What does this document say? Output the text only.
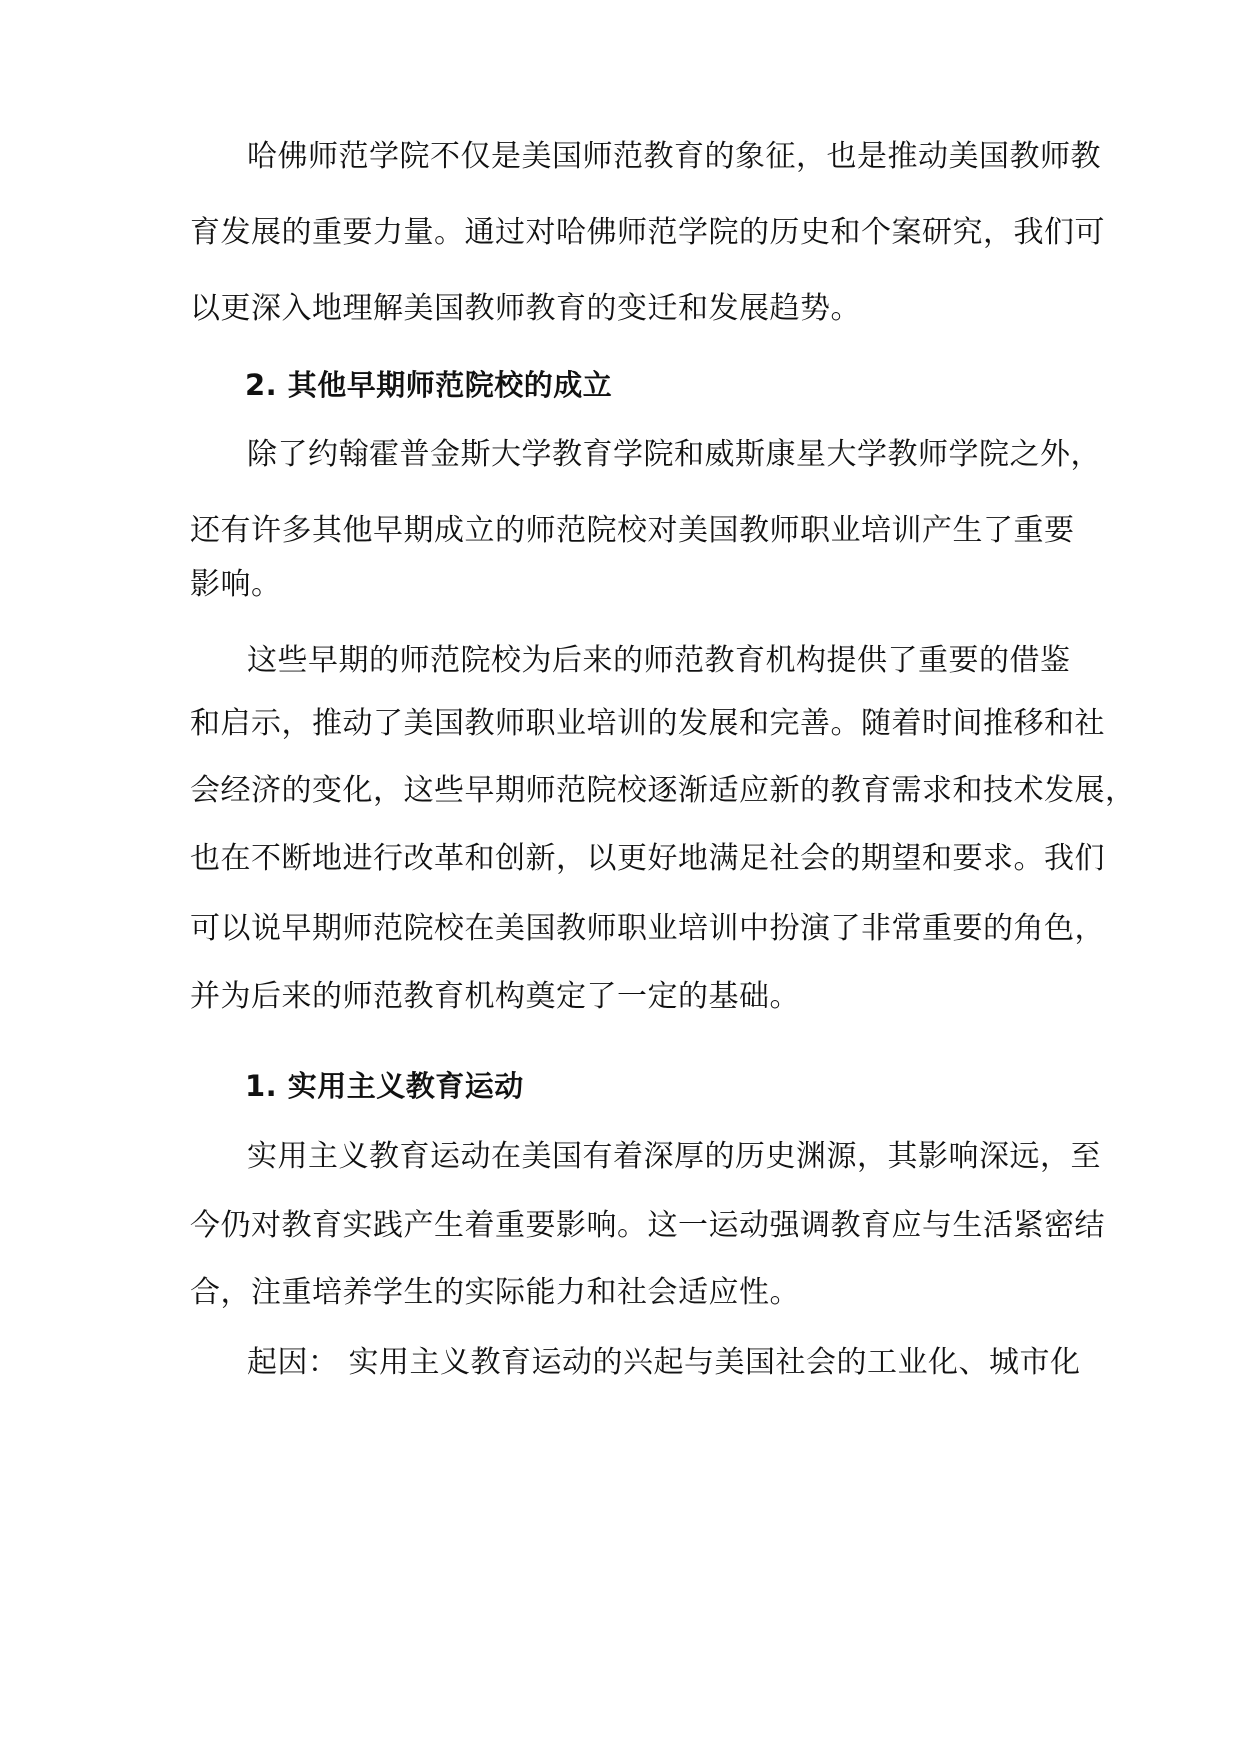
哈佛师范学院不仅是美国师范教育的象征，也是推动美国教师教
育发展的重要力量。通过对哈佛师范学院的历史和个案研究，我们可
以更深入地理解美国教师教育的变迁和发展趋势。
2. 其他早期师范院校的成立
除了约翰霍普金斯大学教育学院和威斯康星大学教师学院之外，
还有许多其他早期成立的师范院校对美国教师职业培训产生了重要
影响。
这些早期的师范院校为后来的师范教育机构提供了重要的借鉴
和启示，推动了美国教师职业培训的发展和完善。随着时间推移和社
会经济的变化，这些早期师范院校逐渐适应新的教育需求和技术发展，
也在不断地进行改革和创新，以更好地满足社会的期望和要求。我们
可以说早期师范院校在美国教师职业培训中扮演了非常重要的角色，
并为后来的师范教育机构奠定了一定的基础。
1. 实用主义教育运动
实用主义教育运动在美国有着深厚的历史渊源，其影响深远，至
今仍对教育实践产生着重要影响。这一运动强调教育应与生活紧密结
合，注重培养学生的实际能力和社会适应性。
起因： 实用主义教育运动的兴起与美国社会的工业化、城市化
